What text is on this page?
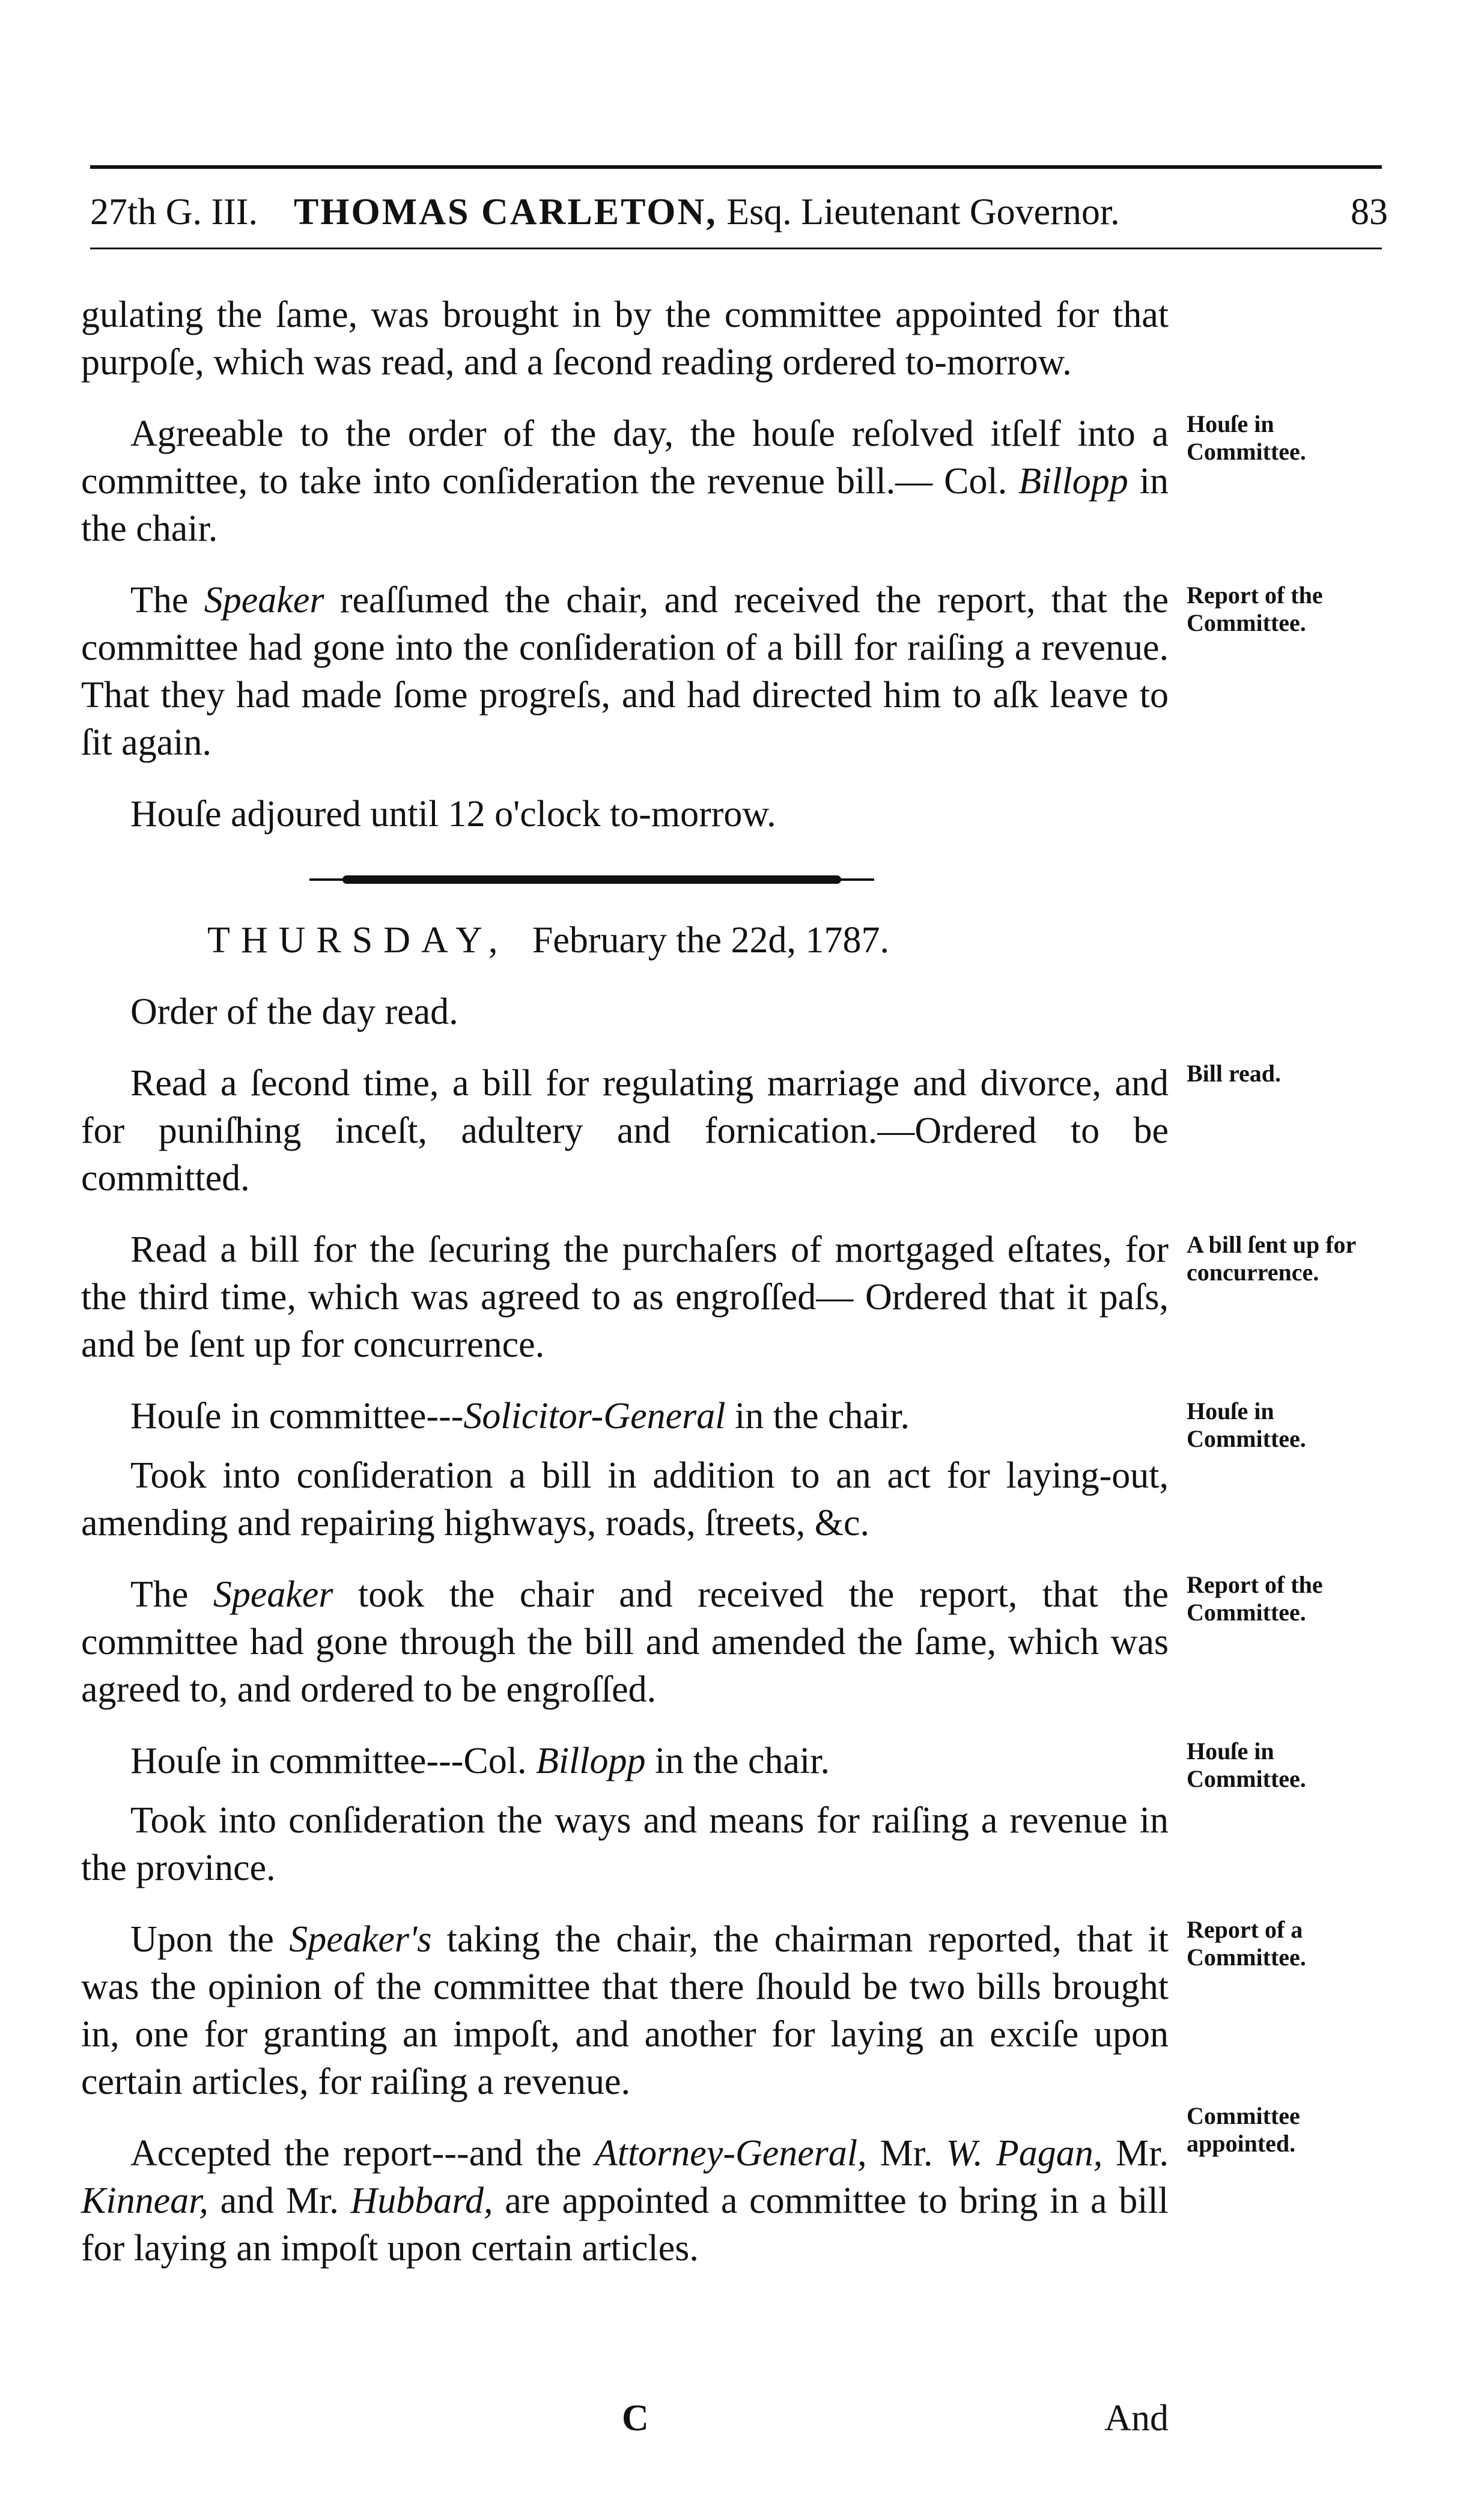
27th G. III. THOMAS CARLETON, Esq. Lieutenant Governor.	83

gulating the ſame, was brought in by the committee appointed for that purpoſe, which was read, and a ſecond reading ordered to-morrow.

Agreeable to the order of the day, the houſe reſolved itſelf into a committee, to take into conſideration the revenue bill.— Col. Billopp in the chair.
Houſe in Committee.

The Speaker reaſſumed the chair, and received the report, that the committee had gone into the conſideration of a bill for raiſing a revenue. That they had made ſome progreſs, and had directed him to aſk leave to ſit again.
Report of the Committee.

Houſe adjoured until 12 o'clock to-morrow.

THURSDAY, February the 22d, 1787.

Order of the day read.

Read a ſecond time, a bill for regulating marriage and divorce, and for puniſhing inceſt, adultery and fornication.—Ordered to be committed.
Bill read.

Read a bill for the ſecuring the purchaſers of mortgaged eſtates, for the third time, which was agreed to as engroſſed— Ordered that it paſs, and be ſent up for concurrence.
A bill ſent up for concurrence.

Houſe in committee---Solicitor-General in the chair.	Houſe in Committee.

Took into conſideration a bill in addition to an act for laying-out, amending and repairing highways, roads, ſtreets, &c.

The Speaker took the chair and received the report, that the committee had gone through the bill and amended the ſame, which was agreed to, and ordered to be engroſſed.
Report of the Committee.

Houſe in committee---Col. Billopp in the chair.	Houſe in Committee.

Took into conſideration the ways and means for raiſing a revenue in the province.

Upon the Speaker's taking the chair, the chairman reported, that it was the opinion of the committee that there ſhould be two bills brought in, one for granting an impoſt, and another for laying an exciſe upon certain articles, for raiſing a revenue.
Report of a Committee.

Accepted the report---and the Attorney-General, Mr. W. Pagan, Mr. Kinnear, and Mr. Hubbard, are appointed a committee to bring in a bill for laying an impoſt upon certain articles.
Committee appointed.

C	And
